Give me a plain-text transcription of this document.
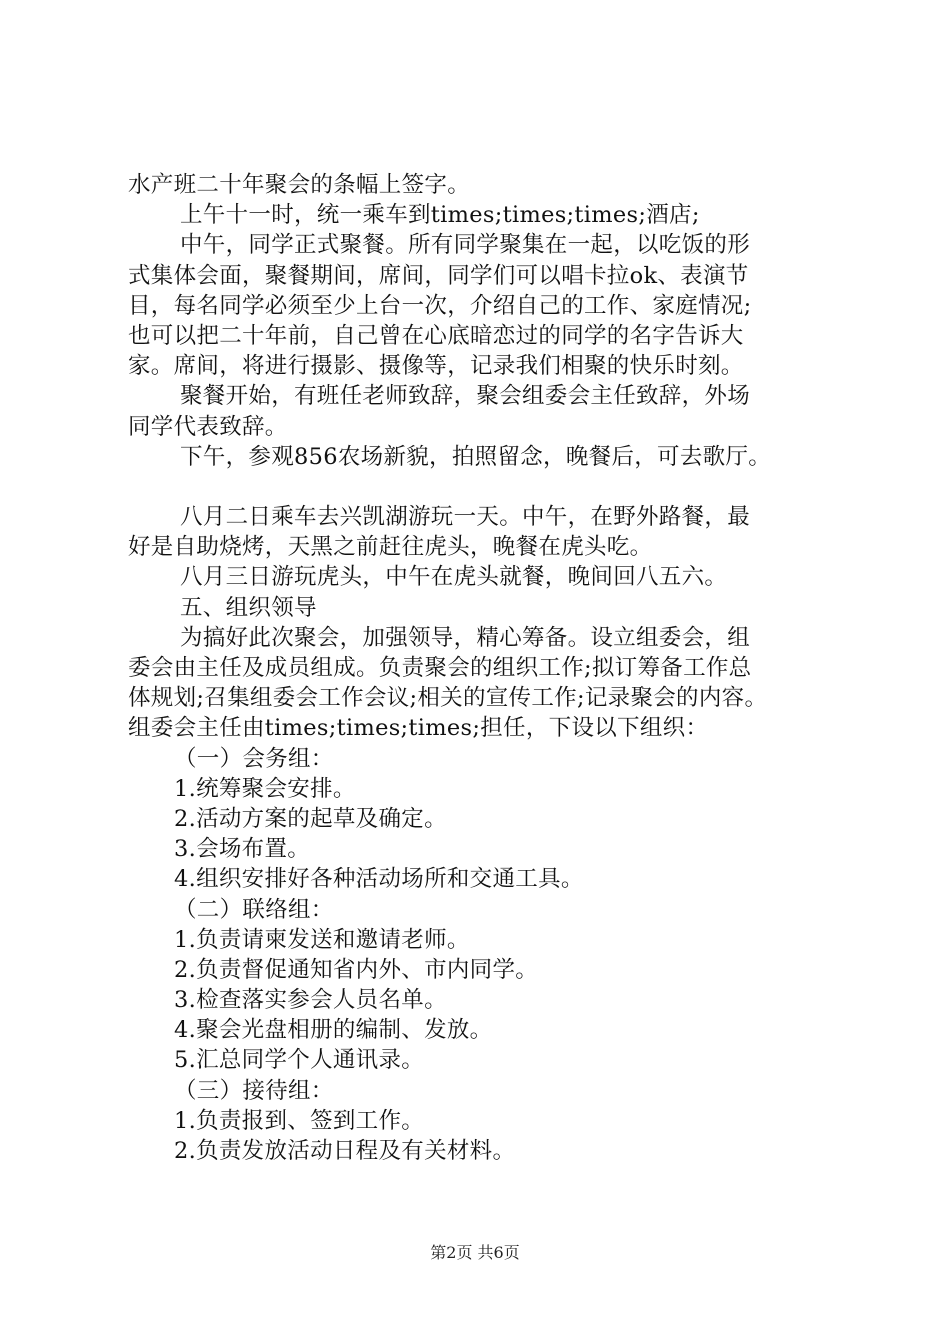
水产班二十年聚会的条幅上签字。
上午十一时，统一乘车到times;times;times;酒店;
中午，同学正式聚餐。所有同学聚集在一起，以吃饭的形
式集体会面，聚餐期间，席间，同学们可以唱卡拉ok、表演节
目，每名同学必须至少上台一次，介绍自己的工作、家庭情况;
也可以把二十年前，自己曾在心底暗恋过的同学的名字告诉大
家。席间，将进行摄影、摄像等，记录我们相聚的快乐时刻。
聚餐开始，有班任老师致辞，聚会组委会主任致辞，外场
同学代表致辞。
下午，参观856农场新貌，拍照留念，晚餐后，可去歌厅。
八月二日乘车去兴凯湖游玩一天。中午，在野外路餐，最
好是自助烧烤，天黑之前赶往虎头，晚餐在虎头吃。
八月三日游玩虎头，中午在虎头就餐，晚间回八五六。
五、组织领导
为搞好此次聚会，加强领导，精心筹备。设立组委会，组
委会由主任及成员组成。负责聚会的组织工作;拟订筹备工作总
体规划;召集组委会工作会议;相关的宣传工作;记录聚会的内容。
组委会主任由times;times;times;担任，下设以下组织：
（一）会务组：
1.统筹聚会安排。
2.活动方案的起草及确定。
3.会场布置。
4.组织安排好各种活动场所和交通工具。
（二）联络组：
1.负责请柬发送和邀请老师。
2.负责督促通知省内外、市内同学。
3.检查落实参会人员名单。
4.聚会光盘相册的编制、发放。
5.汇总同学个人通讯录。
（三）接待组：
1.负责报到、签到工作。
2.负责发放活动日程及有关材料。
第2页 共6页
